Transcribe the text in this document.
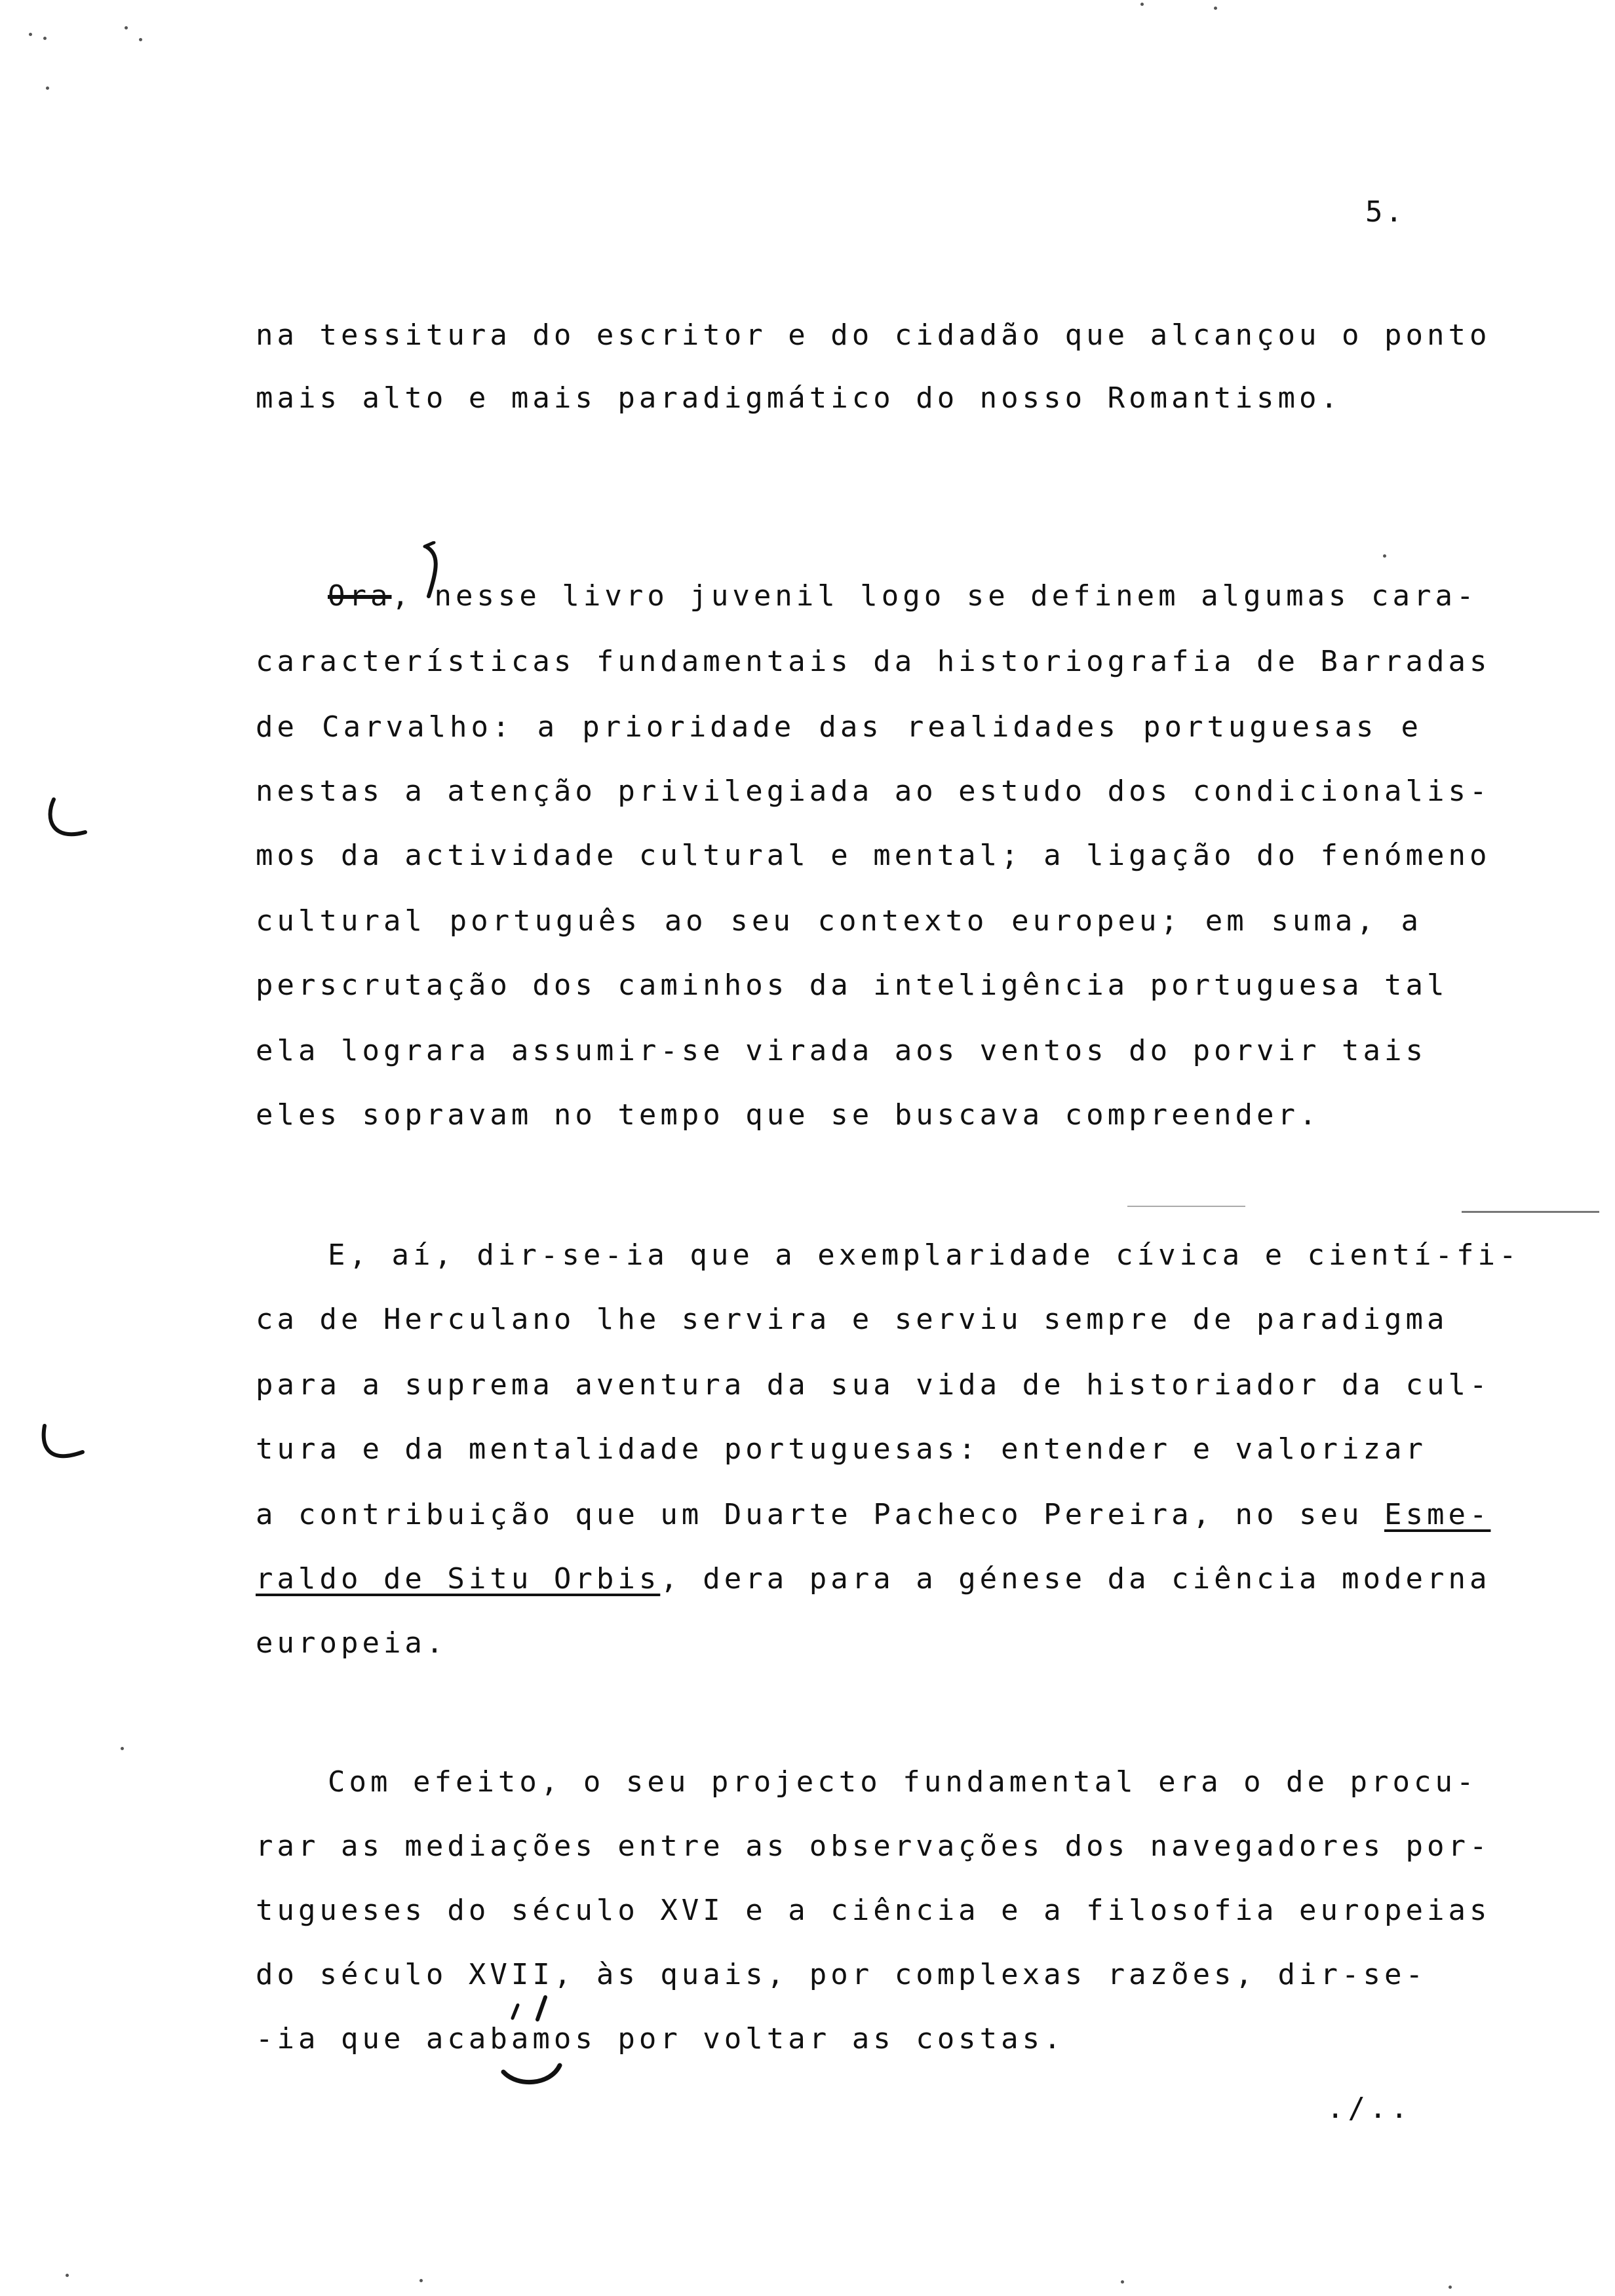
5.
na tessitura do escritor e do cidadão que alcançou o ponto
mais alto e mais paradigmático do nosso Romantismo.
Ora, nesse livro juvenil logo se definem algumas cara-
características fundamentais da historiografia de Barradas
de Carvalho: a prioridade das realidades portuguesas e
nestas a atenção privilegiada ao estudo dos condicionalis-
mos da actividade cultural e mental; a ligação do fenómeno
cultural português ao seu contexto europeu; em suma, a
perscrutação dos caminhos da inteligência portuguesa tal
ela lograra assumir-se virada aos ventos do porvir tais
eles sopravam no tempo que se buscava compreender.
E, aí, dir-se-ia que a exemplaridade cívica e cientí-fi-
ca de Herculano lhe servira e serviu sempre de paradigma
para a suprema aventura da sua vida de historiador da cul-
tura e da mentalidade portuguesas: entender e valorizar
a contribuição que um Duarte Pacheco Pereira, no seu Esme-
raldo de Situ Orbis, dera para a génese da ciência moderna
europeia.
Com efeito, o seu projecto fundamental era o de procu-
rar as mediações entre as observações dos navegadores por-
tugueses do século XVI e a ciência e a filosofia europeias
do século XVII, às quais, por complexas razões, dir-se-
-ia que acabamos por voltar as costas.
./..
